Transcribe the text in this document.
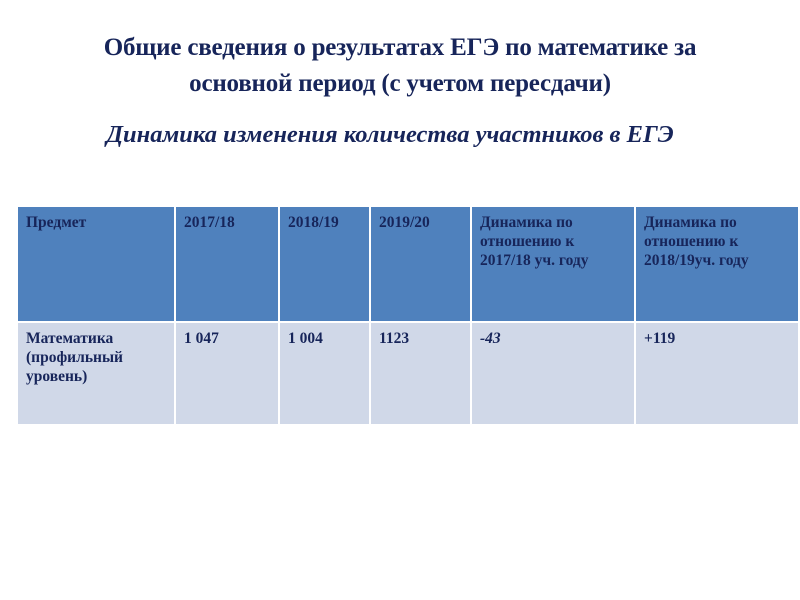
Общие сведения о результатах ЕГЭ по математике за
основной период (с учетом пересдачи)
Динамика изменения количества участников в ЕГЭ
Предмет	2017/18	2018/19	2019/20	Динамика по отношению к 2017/18 уч. году	Динамика по отношению к 2018/19уч. году
Математика (профильный уровень)	1 047	1 004	1123	-43	+119
